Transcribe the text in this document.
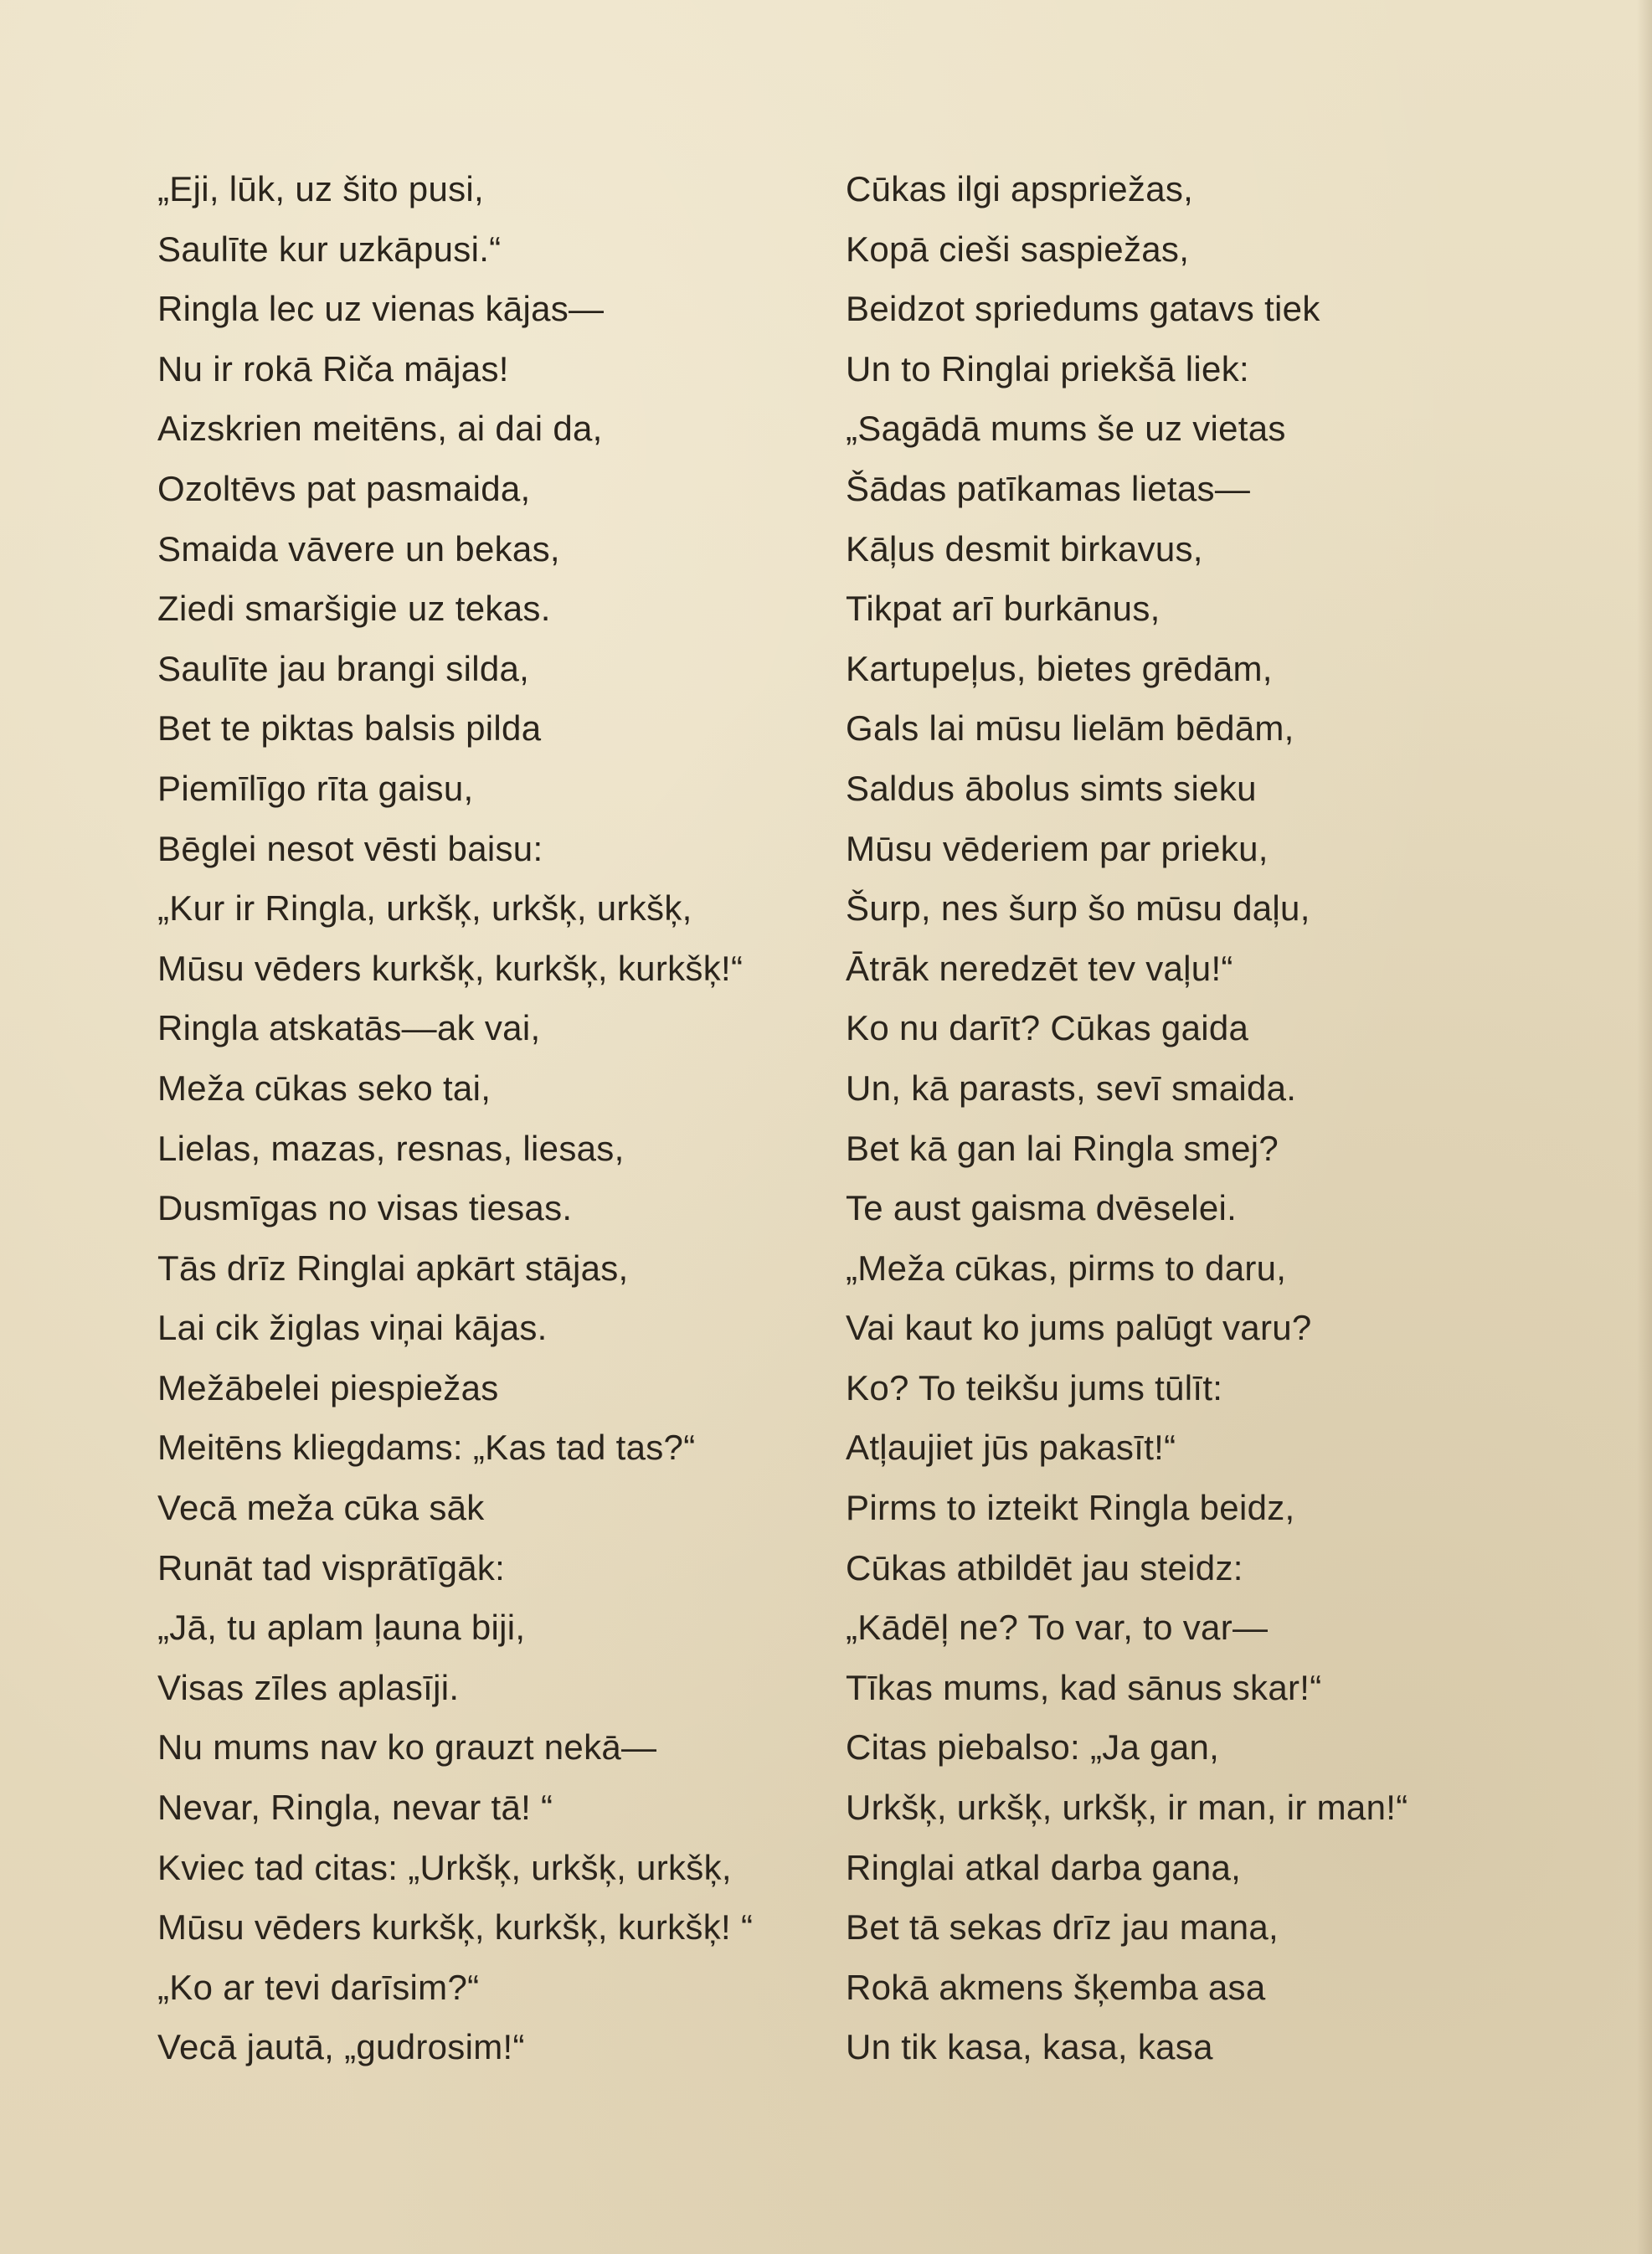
„Eji, lūk, uz šito pusi,
Saulīte kur uzkāpusi.“
Ringla lec uz vienas kājas—
Nu ir rokā Riča mājas!
Aizskrien meitēns, ai dai da,
Ozoltēvs pat pasmaida,
Smaida vāvere un bekas,
Ziedi smaršigie uz tekas.
Saulīte jau brangi silda,
Bet te piktas balsis pilda
Piemīlīgo rīta gaisu,
Bēglei nesot vēsti baisu:
„Kur ir Ringla, urkšķ, urkšķ, urkšķ,
Mūsu vēders kurkšķ, kurkšķ, kurkšķ!“
Ringla atskatās—ak vai,
Meža cūkas seko tai,
Lielas, mazas, resnas, liesas,
Dusmīgas no visas tiesas.
Tās drīz Ringlai apkārt stājas,
Lai cik žiglas viņai kājas.
Mežābelei piespiežas
Meitēns kliegdams: „Kas tad tas?“
Vecā meža cūka sāk
Runāt tad visprātīgāk:
„Jā, tu aplam ļauna biji,
Visas zīles aplasīji.
Nu mums nav ko grauzt nekā—
Nevar, Ringla, nevar tā! “
Kviec tad citas: „Urkšķ, urkšķ, urkšķ,
Mūsu vēders kurkšķ, kurkšķ, kurkšķ! “
„Ko ar tevi darīsim?“
Vecā jautā, „gudrosim!“
Cūkas ilgi apspriežas,
Kopā cieši saspiežas,
Beidzot spriedums gatavs tiek
Un to Ringlai priekšā liek:
„Sagādā mums še uz vietas
Šādas patīkamas lietas—
Kāļus desmit birkavus,
Tikpat arī burkānus,
Kartupeļus, bietes grēdām,
Gals lai mūsu lielām bēdām,
Saldus ābolus simts sieku
Mūsu vēderiem par prieku,
Šurp, nes šurp šo mūsu daļu,
Ātrāk neredzēt tev vaļu!“
Ko nu darīt? Cūkas gaida
Un, kā parasts, sevī smaida.
Bet kā gan lai Ringla smej?
Te aust gaisma dvēselei.
„Meža cūkas, pirms to daru,
Vai kaut ko jums palūgt varu?
Ko? To teikšu jums tūlīt:
Atļaujiet jūs pakasīt!“
Pirms to izteikt Ringla beidz,
Cūkas atbildēt jau steidz:
„Kādēļ ne? To var, to var—
Tīkas mums, kad sānus skar!“
Citas piebalso: „Ja gan,
Urkšķ, urkšķ, urkšķ, ir man, ir man!“
Ringlai atkal darba gana,
Bet tā sekas drīz jau mana,
Rokā akmens šķemba asa
Un tik kasa, kasa, kasa
